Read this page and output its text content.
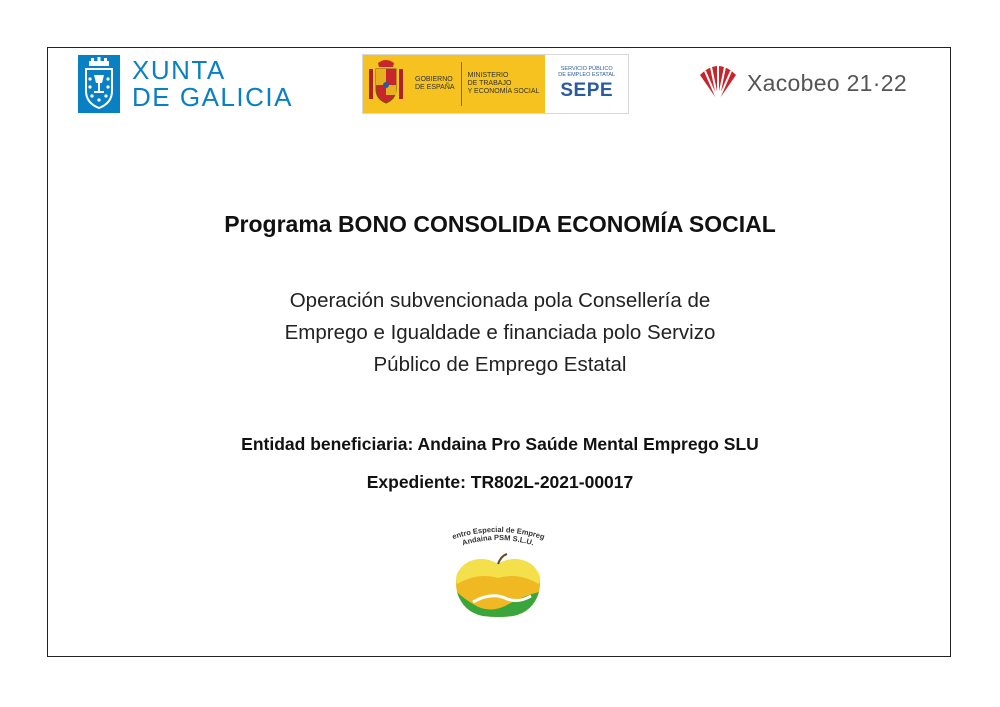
XUNTA
DE GALICIA
GOBIERNO
DE ESPAÑA
MINISTERIO
DE TRABAJO
Y ECONOMÍA SOCIAL
SERVICIO PÚBLICO
DE EMPLEO ESTATAL
SEPE	Xacobeo 21·22
Programa BONO CONSOLIDA ECONOMÍA SOCIAL
Operación subvencionada pola Consellería de
Emprego e Igualdade e financiada polo Servizo
Público de Emprego Estatal
Entidad beneficiaria: Andaina Pro Saúde Mental Emprego SLU
Expediente: TR802L-2021-00017
entro Especial de Empreg
Andaina PSM S.L.U.
